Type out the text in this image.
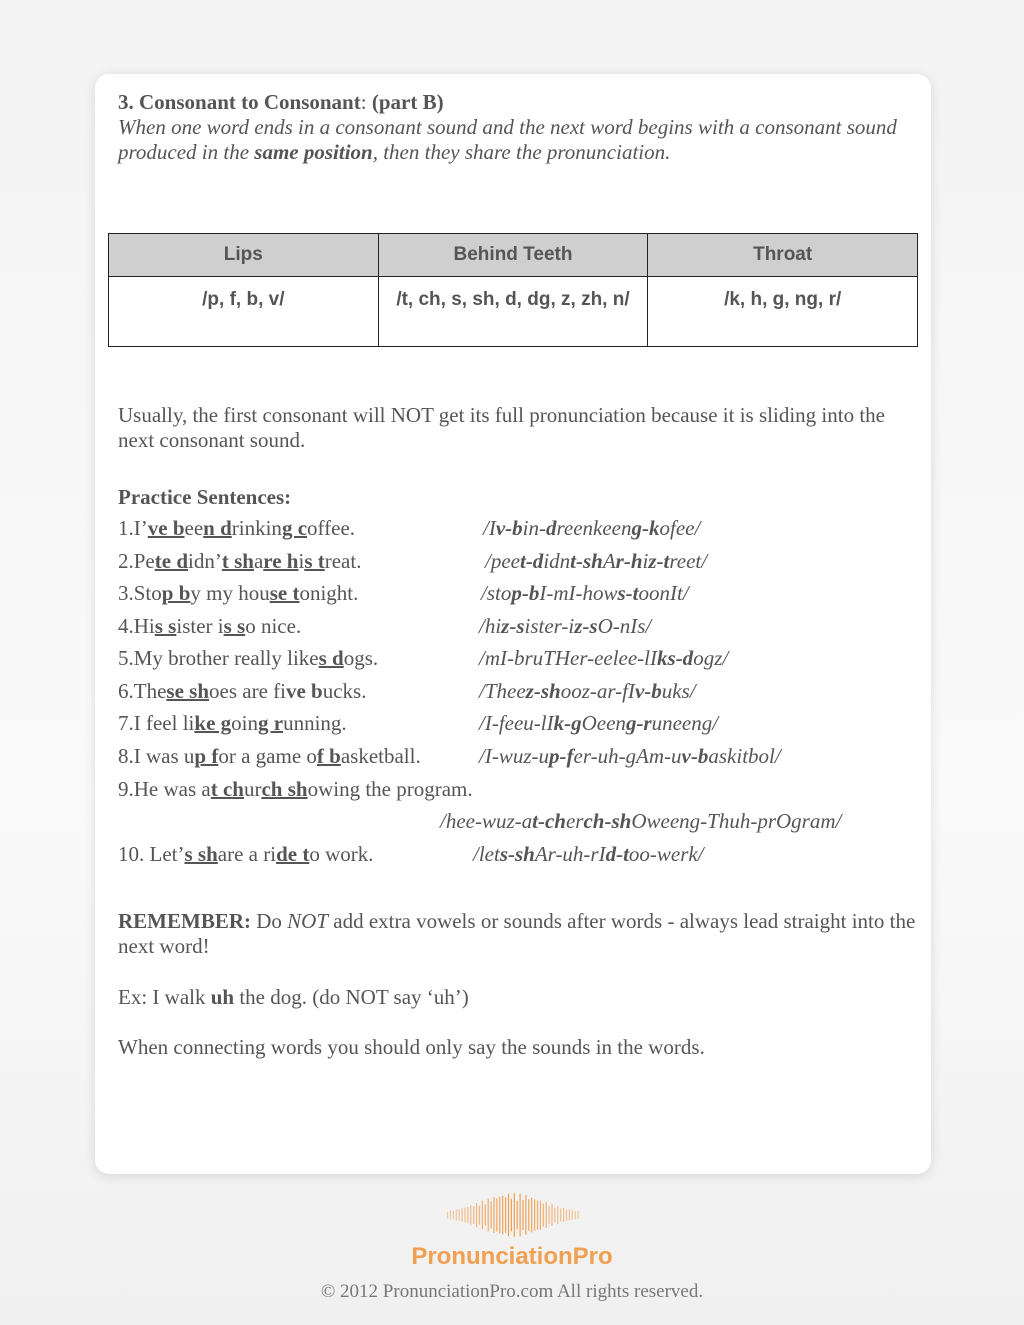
3. Consonant to Consonant: (part B)
When one word ends in a consonant sound and the next word begins with a consonant sound produced in the same position, then they share the pronunciation.
Lips	Behind Teeth	Throat
/p, f, b, v/	/t, ch, s, sh, d, dg, z, zh, n/	/k, h, g, ng, r/
Usually, the first consonant will NOT get its full pronunciation because it is sliding into the next consonant sound.
Practice Sentences:
1.I’ve been drinking coffee.	/Iv-bin-dreenkeeng-kofee/
2.Pete didn’t share his treat.	/peet-didnt-shAr-hiz-treet/
3.Stop by my house tonight.	/stop-bI-mI-hows-toonIt/
4.His sister is so nice.	/hiz-sister-iz-sO-nIs/
5.My brother really likes dogs.	/mI-bruTHer-eelee-lIks-dogz/
6.These shoes are five bucks.	/Theez-shooz-ar-fIv-buks/
7.I feel like going running.	/I-feeu-lIk-gOeeng-runeeng/
8.I was up for a game of basketball.	/I-wuz-up-fer-uh-gAm-uv-baskitbol/
9.He was at church showing the program.
/hee-wuz-at-cherch-shOweeng-Thuh-prOgram/
10. Let’s share a ride to work.	/lets-shAr-uh-rId-too-werk/
REMEMBER: Do NOT add extra vowels or sounds after words - always lead straight into the next word!
Ex: I walk uh the dog. (do NOT say ‘uh’)
When connecting words you should only say the sounds in the words.
PronunciationPro
© 2012 PronunciationPro.com All rights reserved.
